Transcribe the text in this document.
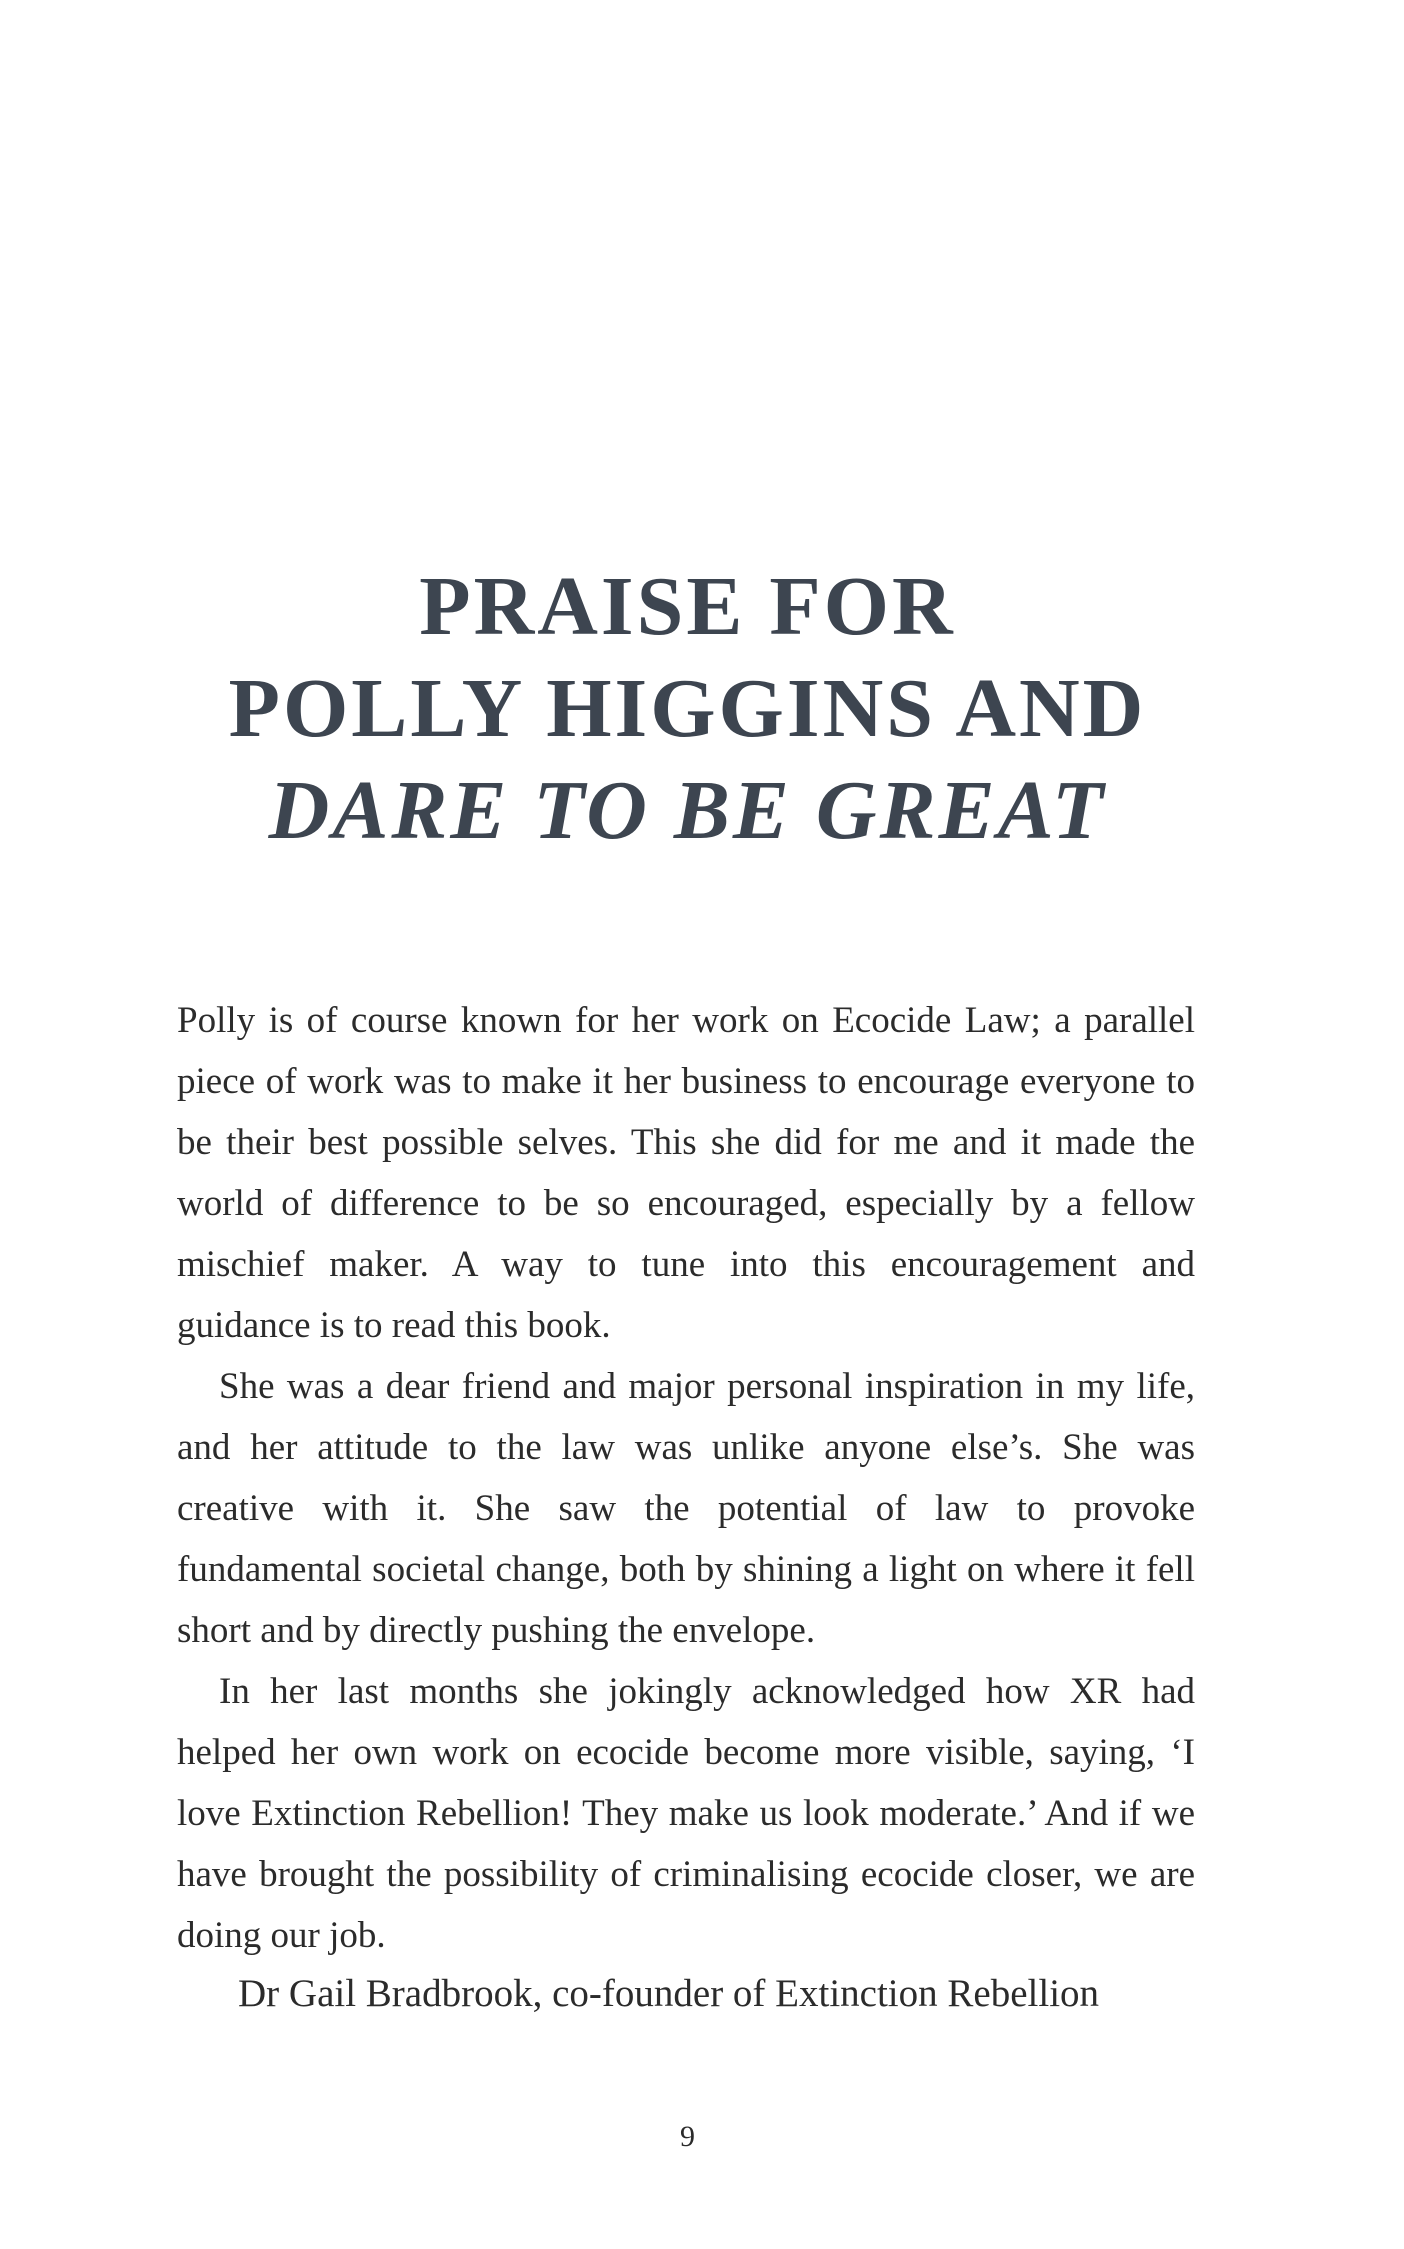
PRAISE FOR
POLLY HIGGINS AND
DARE TO BE GREAT

Polly is of course known for her work on Ecocide Law; a parallel piece of work was to make it her business to encourage everyone to be their best possible selves. This she did for me and it made the world of difference to be so encouraged, especially by a fellow mischief maker. A way to tune into this encouragement and guidance is to read this book.

She was a dear friend and major personal inspiration in my life, and her attitude to the law was unlike anyone else’s. She was creative with it. She saw the potential of law to provoke fundamental societal change, both by shining a light on where it fell short and by directly pushing the envelope.

In her last months she jokingly acknowledged how XR had helped her own work on ecocide become more visible, saying, ‘I love Extinction Rebellion! They make us look moderate.’ And if we have brought the possibility of criminalising ecocide closer, we are doing our job.

Dr Gail Bradbrook, co-founder of Extinction Rebellion
9
